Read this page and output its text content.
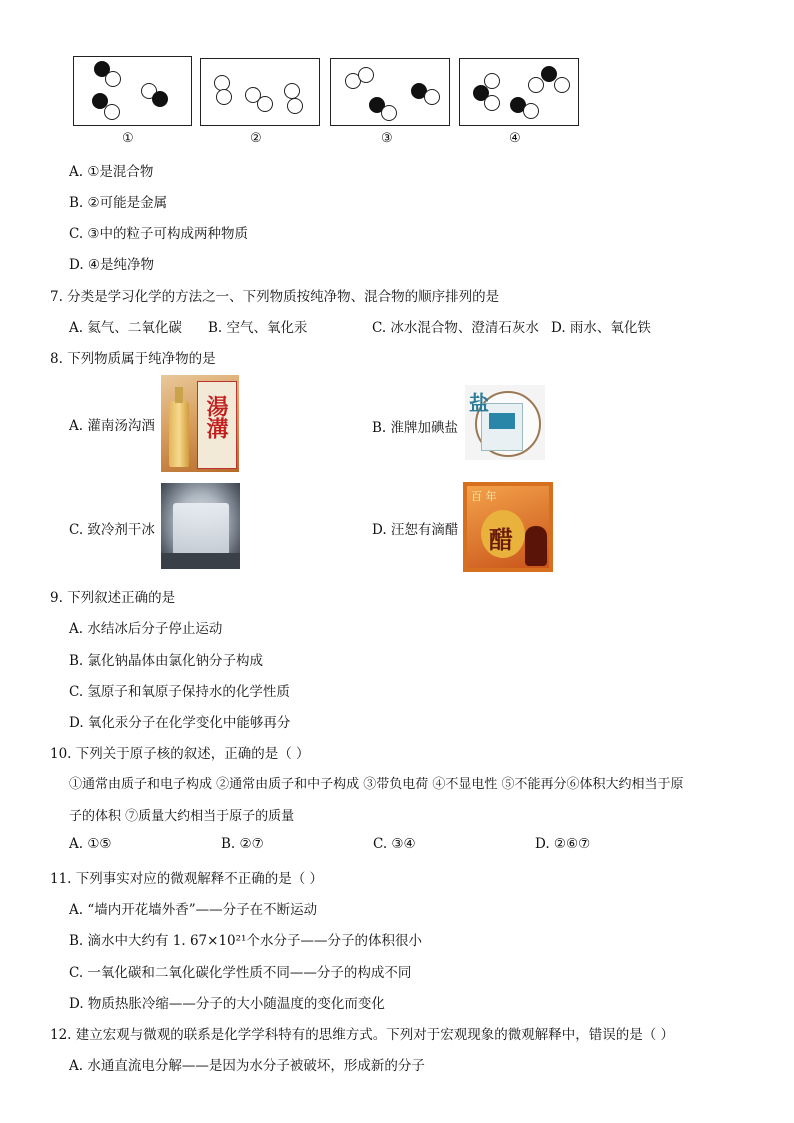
①	②	③	④
A. ①是混合物
B. ②可能是金属
C. ③中的粒子可构成两种物质
D. ④是纯净物
7. 分类是学习化学的方法之一、下列物质按纯净物、混合物的顺序排列的是
A. 氦气、二氧化碳 B. 空气、氧化汞	C. 冰水混合物、澄清石灰水 D. 雨水、氧化铁
8. 下列物质属于纯净物的是
A. 灌南汤沟酒 湯溝	B. 淮牌加碘盐
盐
C. 致冷剂干冰	D. 汪恕有滴醋 醋
百 年
9. 下列叙述正确的是
A. 水结冰后分子停止运动
B. 氯化钠晶体由氯化钠分子构成
C. 氢原子和氧原子保持水的化学性质
D. 氧化汞分子在化学变化中能够再分
10. 下列关于原子核的叙述，正确的是（ ）
①通常由质子和电子构成 ②通常由质子和中子构成 ③带负电荷 ④不显电性 ⑤不能再分⑥体积大约相当于原
子的体积 ⑦质量大约相当于原子的质量
A. ①⑤	B. ②⑦	C. ③④	D. ②⑥⑦
11. 下列事实对应的微观解释不正确的是（ ）
A. “墙内开花墙外香”——分子在不断运动
B. 滴水中大约有 1. 67×10²¹个水分子——分子的体积很小
C. 一氧化碳和二氧化碳化学性质不同——分子的构成不同
D. 物质热胀冷缩——分子的大小随温度的变化而变化
12. 建立宏观与微观的联系是化学学科特有的思维方式。下列对于宏观现象的微观解释中，错误的是（ ）
A. 水通直流电分解——是因为水分子被破坏，形成新的分子
